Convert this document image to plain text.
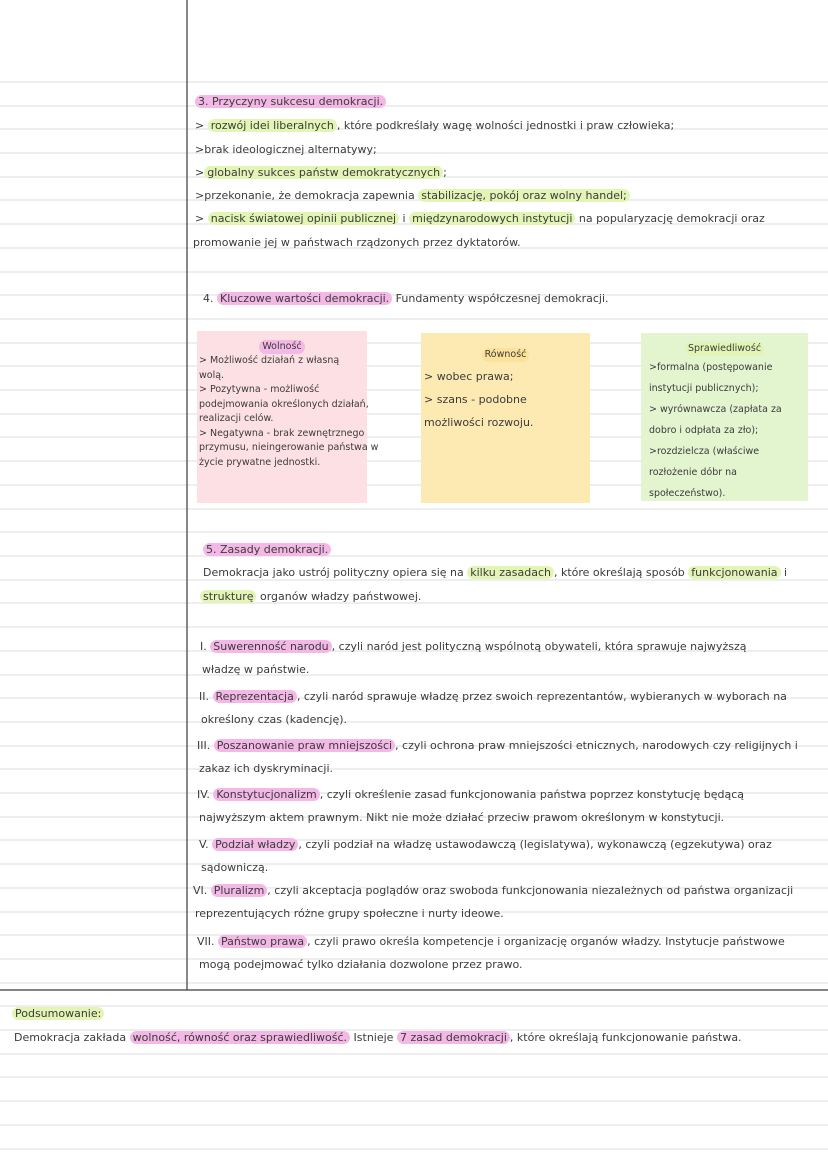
3. Przyczyny sukcesu demokracji.
> rozwój idei liberalnych , które podkreślały wagę wolności jednostki i praw człowieka;
>brak ideologicznej alternatywy;
> globalny sukces państw demokratycznych ;
>przekonanie, że demokracja zapewnia stabilizację, pokój oraz wolny handel;
> nacisk światowej opinii publicznej i międzynarodowych instytucji na popularyzację demokracji oraz
promowanie jej w państwach rządzonych przez dyktatorów.
4. Kluczowe wartości demokracji. Fundamenty współczesnej demokracji.
Wolność
> Możliwość działań z własną
wolą.
> Pozytywna - możliwość
podejmowania określonych działań,
realizacji celów.
> Negatywna - brak zewnętrznego
przymusu, nieingerowanie państwa w
życie prywatne jednostki.
Równość
> wobec prawa;
> szans - podobne
możliwości rozwoju.
Sprawiedliwość
>formalna (postępowanie
instytucji publicznych);
> wyrównawcza (zapłata za
dobro i odpłata za zło);
>rozdzielcza (właściwe
rozłożenie dóbr na
społeczeństwo).
5. Zasady demokracji.
Demokracja jako ustrój polityczny opiera się na kilku zasadach , które określają sposób funkcjonowania i
strukturę organów władzy państwowej.
I. Suwerenność narodu , czyli naród jest polityczną wspólnotą obywateli, która sprawuje najwyższą
władzę w państwie.
II. Reprezentacja , czyli naród sprawuje władzę przez swoich reprezentantów, wybieranych w wyborach na
określony czas (kadencję).
III. Poszanowanie praw mniejszości , czyli ochrona praw mniejszości etnicznych, narodowych czy religijnych i
zakaz ich dyskryminacji.
IV. Konstytucjonalizm , czyli określenie zasad funkcjonowania państwa poprzez konstytucję będącą
najwyższym aktem prawnym. Nikt nie może działać przeciw prawom określonym w konstytucji.
V. Podział władzy , czyli podział na władzę ustawodawczą (legislatywa), wykonawczą (egzekutywa) oraz
sądowniczą.
VI. Pluralizm , czyli akceptacja poglądów oraz swoboda funkcjonowania niezależnych od państwa organizacji
reprezentujących różne grupy społeczne i nurty ideowe.
VII. Państwo prawa , czyli prawo określa kompetencje i organizację organów władzy. Instytucje państwowe
mogą podejmować tylko działania dozwolone przez prawo.
Podsumowanie:
Demokracja zakłada wolność, równość oraz sprawiedliwość. Istnieje 7 zasad demokracji , które określają funkcjonowanie państwa.
